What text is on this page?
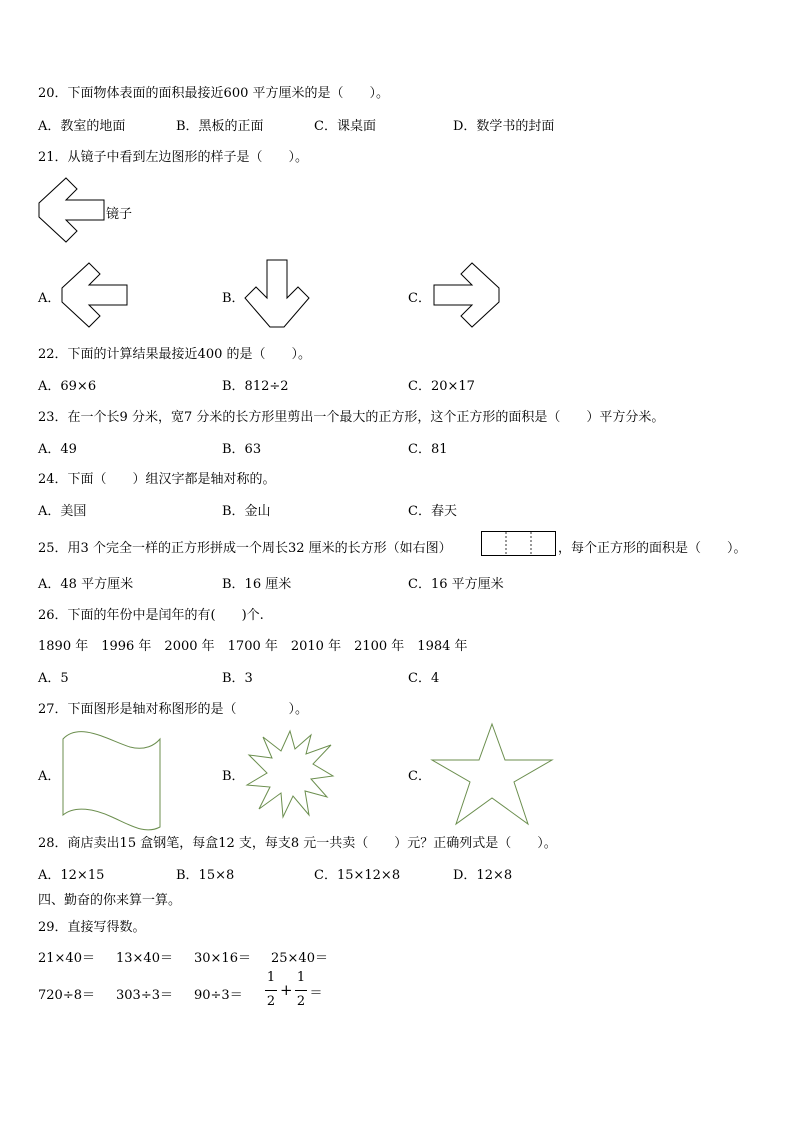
20．下面物体表面的面积最接近600 平方厘米的是（　　）。
A．教室的地面	B．黑板的正面	C．课桌面	D．数学书的封面
21．从镜子中看到左边图形的样子是（　　）。
镜子
A．	B．	C．
22．下面的计算结果最接近400 的是（　　）。
A．69×6	B．812÷2	C．20×17
23．在一个长9 分米，宽7 分米的长方形里剪出一个最大的正方形，这个正方形的面积是（　　）平方分米。
A．49	B．63	C．81
24．下面（　　）组汉字都是轴对称的。
A．美国	B．金山	C．春天
25．用3 个完全一样的正方形拼成一个周长32 厘米的长方形（如右图）	，每个正方形的面积是（　　）。
A．48 平方厘米	B．16 厘米	C．16 平方厘米
26．下面的年份中是闰年的有(　　)个.
1890 年　1996 年　2000 年　1700 年　2010 年　2100 年　1984 年
A．5	B．3	C．4
27．下面图形是轴对称图形的是（　　　　）。
A．	B．	C．
28．商店卖出15 盒钢笔，每盒12 支，每支8 元一共卖（　　）元？正确列式是（　　）。
A．12×15	B．15×8	C．15×12×8	D．12×8
四、勤奋的你来算一算。
29．直接写得数。
21×40＝ 13×40＝ 30×16＝ 25×40＝
720÷8＝ 303÷3＝ 90÷3＝
1
2
+
1
2
＝
